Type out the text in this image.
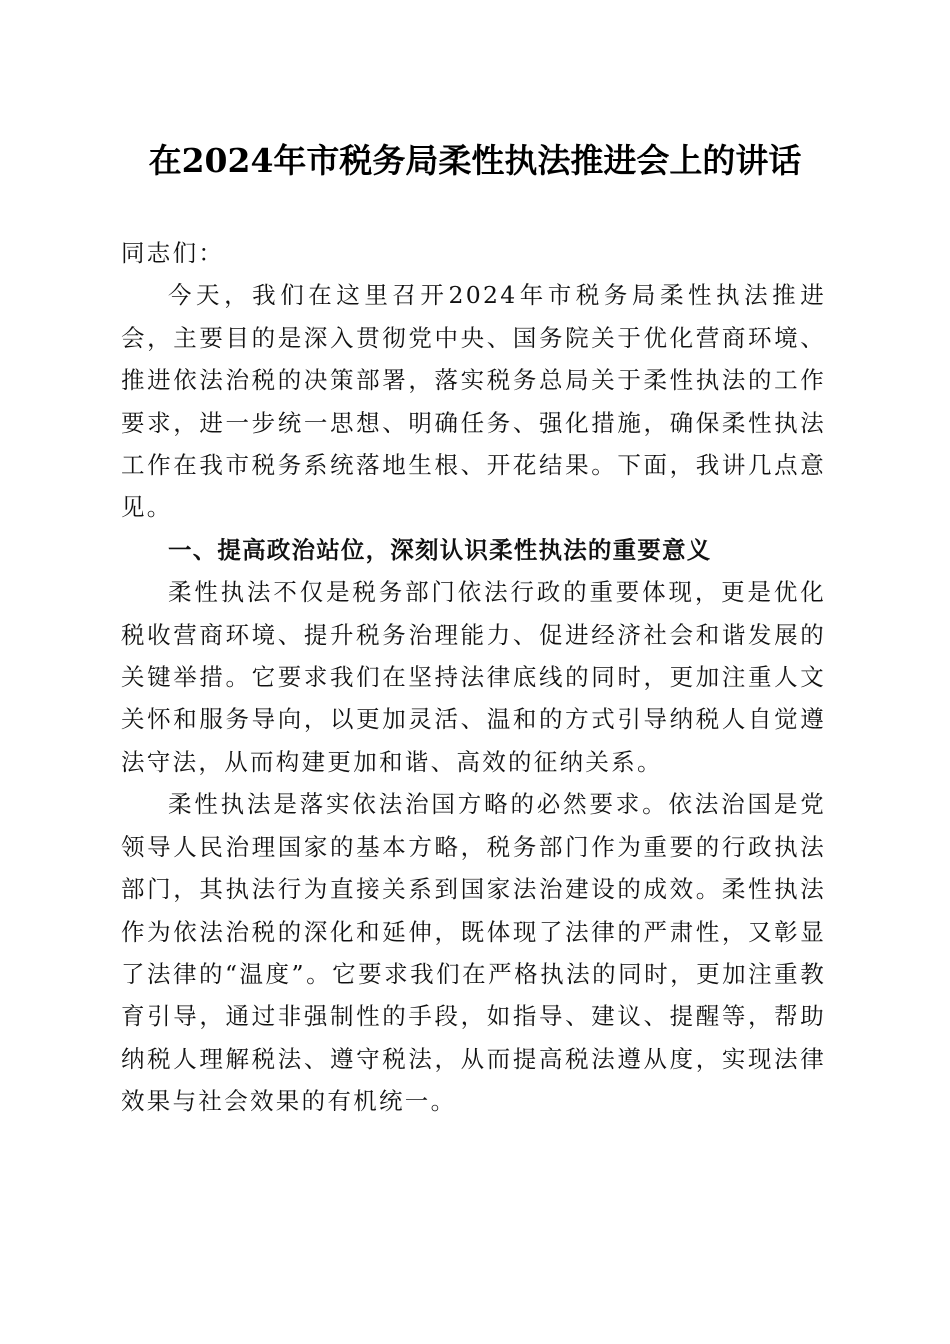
在2024年市税务局柔性执法推进会上的讲话

同志们：

今天，我们在这里召开2024年市税务局柔性执法推进会，主要目的是深入贯彻党中央、国务院关于优化营商环境、推进依法治税的决策部署，落实税务总局关于柔性执法的工作要求，进一步统一思想、明确任务、强化措施，确保柔性执法工作在我市税务系统落地生根、开花结果。下面，我讲几点意见。

一、提高政治站位，深刻认识柔性执法的重要意义

柔性执法不仅是税务部门依法行政的重要体现，更是优化税收营商环境、提升税务治理能力、促进经济社会和谐发展的关键举措。它要求我们在坚持法律底线的同时，更加注重人文关怀和服务导向，以更加灵活、温和的方式引导纳税人自觉遵法守法，从而构建更加和谐、高效的征纳关系。

柔性执法是落实依法治国方略的必然要求。依法治国是党领导人民治理国家的基本方略，税务部门作为重要的行政执法部门，其执法行为直接关系到国家法治建设的成效。柔性执法作为依法治税的深化和延伸，既体现了法律的严肃性，又彰显了法律的“温度”。它要求我们在严格执法的同时，更加注重教育引导，通过非强制性的手段，如指导、建议、提醒等，帮助纳税人理解税法、遵守税法，从而提高税法遵从度，实现法律效果与社会效果的有机统一。
